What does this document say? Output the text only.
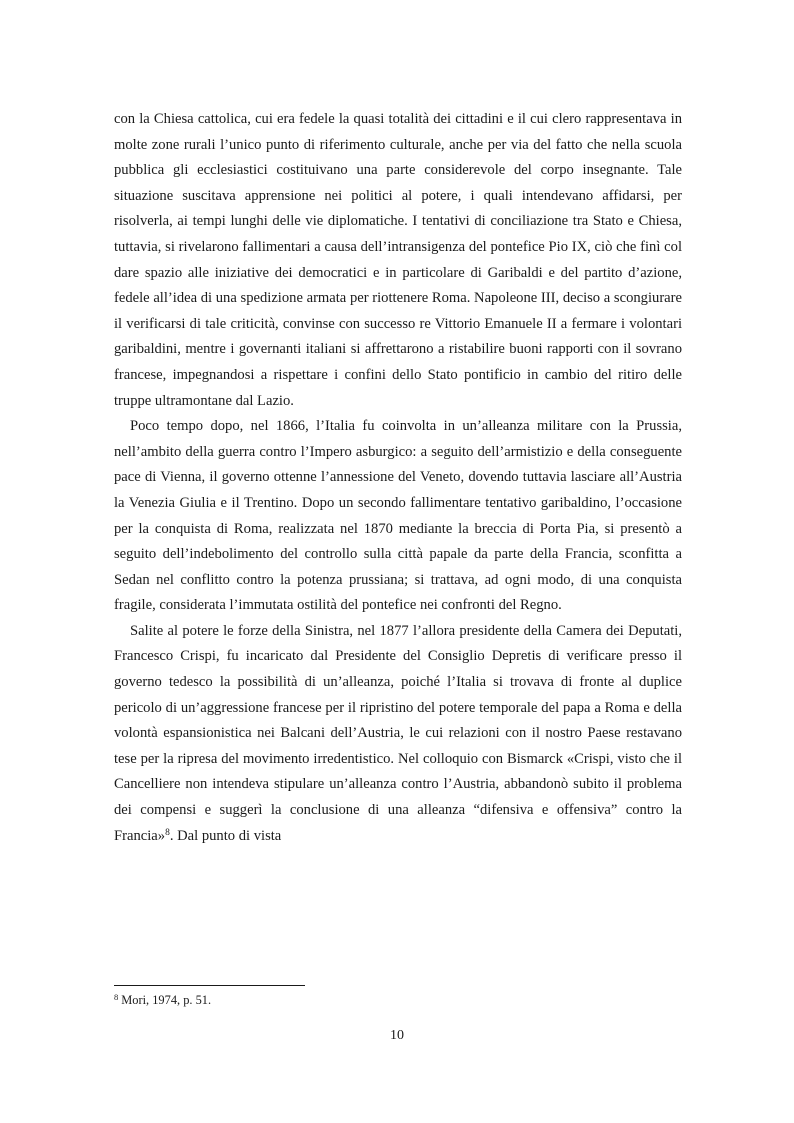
con la Chiesa cattolica, cui era fedele la quasi totalità dei cittadini e il cui clero rappresentava in molte zone rurali l’unico punto di riferimento culturale, anche per via del fatto che nella scuola pubblica gli ecclesiastici costituivano una parte considerevole del corpo insegnante. Tale situazione suscitava apprensione nei politici al potere, i quali intendevano affidarsi, per risolverla, ai tempi lunghi delle vie diplomatiche. I tentativi di conciliazione tra Stato e Chiesa, tuttavia, si rivelarono fallimentari a causa dell’intransigenza del pontefice Pio IX, ciò che finì col dare spazio alle iniziative dei democratici e in particolare di Garibaldi e del partito d’azione, fedele all’idea di una spedizione armata per riottenere Roma. Napoleone III, deciso a scongiurare il verificarsi di tale criticità, convinse con successo re Vittorio Emanuele II a fermare i volontari garibaldini, mentre i governanti italiani si affrettarono a ristabilire buoni rapporti con il sovrano francese, impegnandosi a rispettare i confini dello Stato pontificio in cambio del ritiro delle truppe ultramontane dal Lazio.

Poco tempo dopo, nel 1866, l’Italia fu coinvolta in un’alleanza militare con la Prussia, nell’ambito della guerra contro l’Impero asburgico: a seguito dell’armistizio e della conseguente pace di Vienna, il governo ottenne l’annessione del Veneto, dovendo tuttavia lasciare all’Austria la Venezia Giulia e il Trentino. Dopo un secondo fallimentare tentativo garibaldino, l’occasione per la conquista di Roma, realizzata nel 1870 mediante la breccia di Porta Pia, si presentò a seguito dell’indebolimento del controllo sulla città papale da parte della Francia, sconfitta a Sedan nel conflitto contro la potenza prussiana; si trattava, ad ogni modo, di una conquista fragile, considerata l’immutata ostilità del pontefice nei confronti del Regno.

Salite al potere le forze della Sinistra, nel 1877 l’allora presidente della Camera dei Deputati, Francesco Crispi, fu incaricato dal Presidente del Consiglio Depretis di verificare presso il governo tedesco la possibilità di un’alleanza, poiché l’Italia si trovava di fronte al duplice pericolo di un’aggressione francese per il ripristino del potere temporale del papa a Roma e della volontà espansionistica nei Balcani dell’Austria, le cui relazioni con il nostro Paese restavano tese per la ripresa del movimento irredentistico. Nel colloquio con Bismarck «Crispi, visto che il Cancelliere non intendeva stipulare un’alleanza contro l’Austria, abbandonò subito il problema dei compensi e suggerì la conclusione di una alleanza “difensiva e offensiva” contro la Francia»$^8$. Dal punto di vista

$^8$ Mori, 1974, p. 51.
10
